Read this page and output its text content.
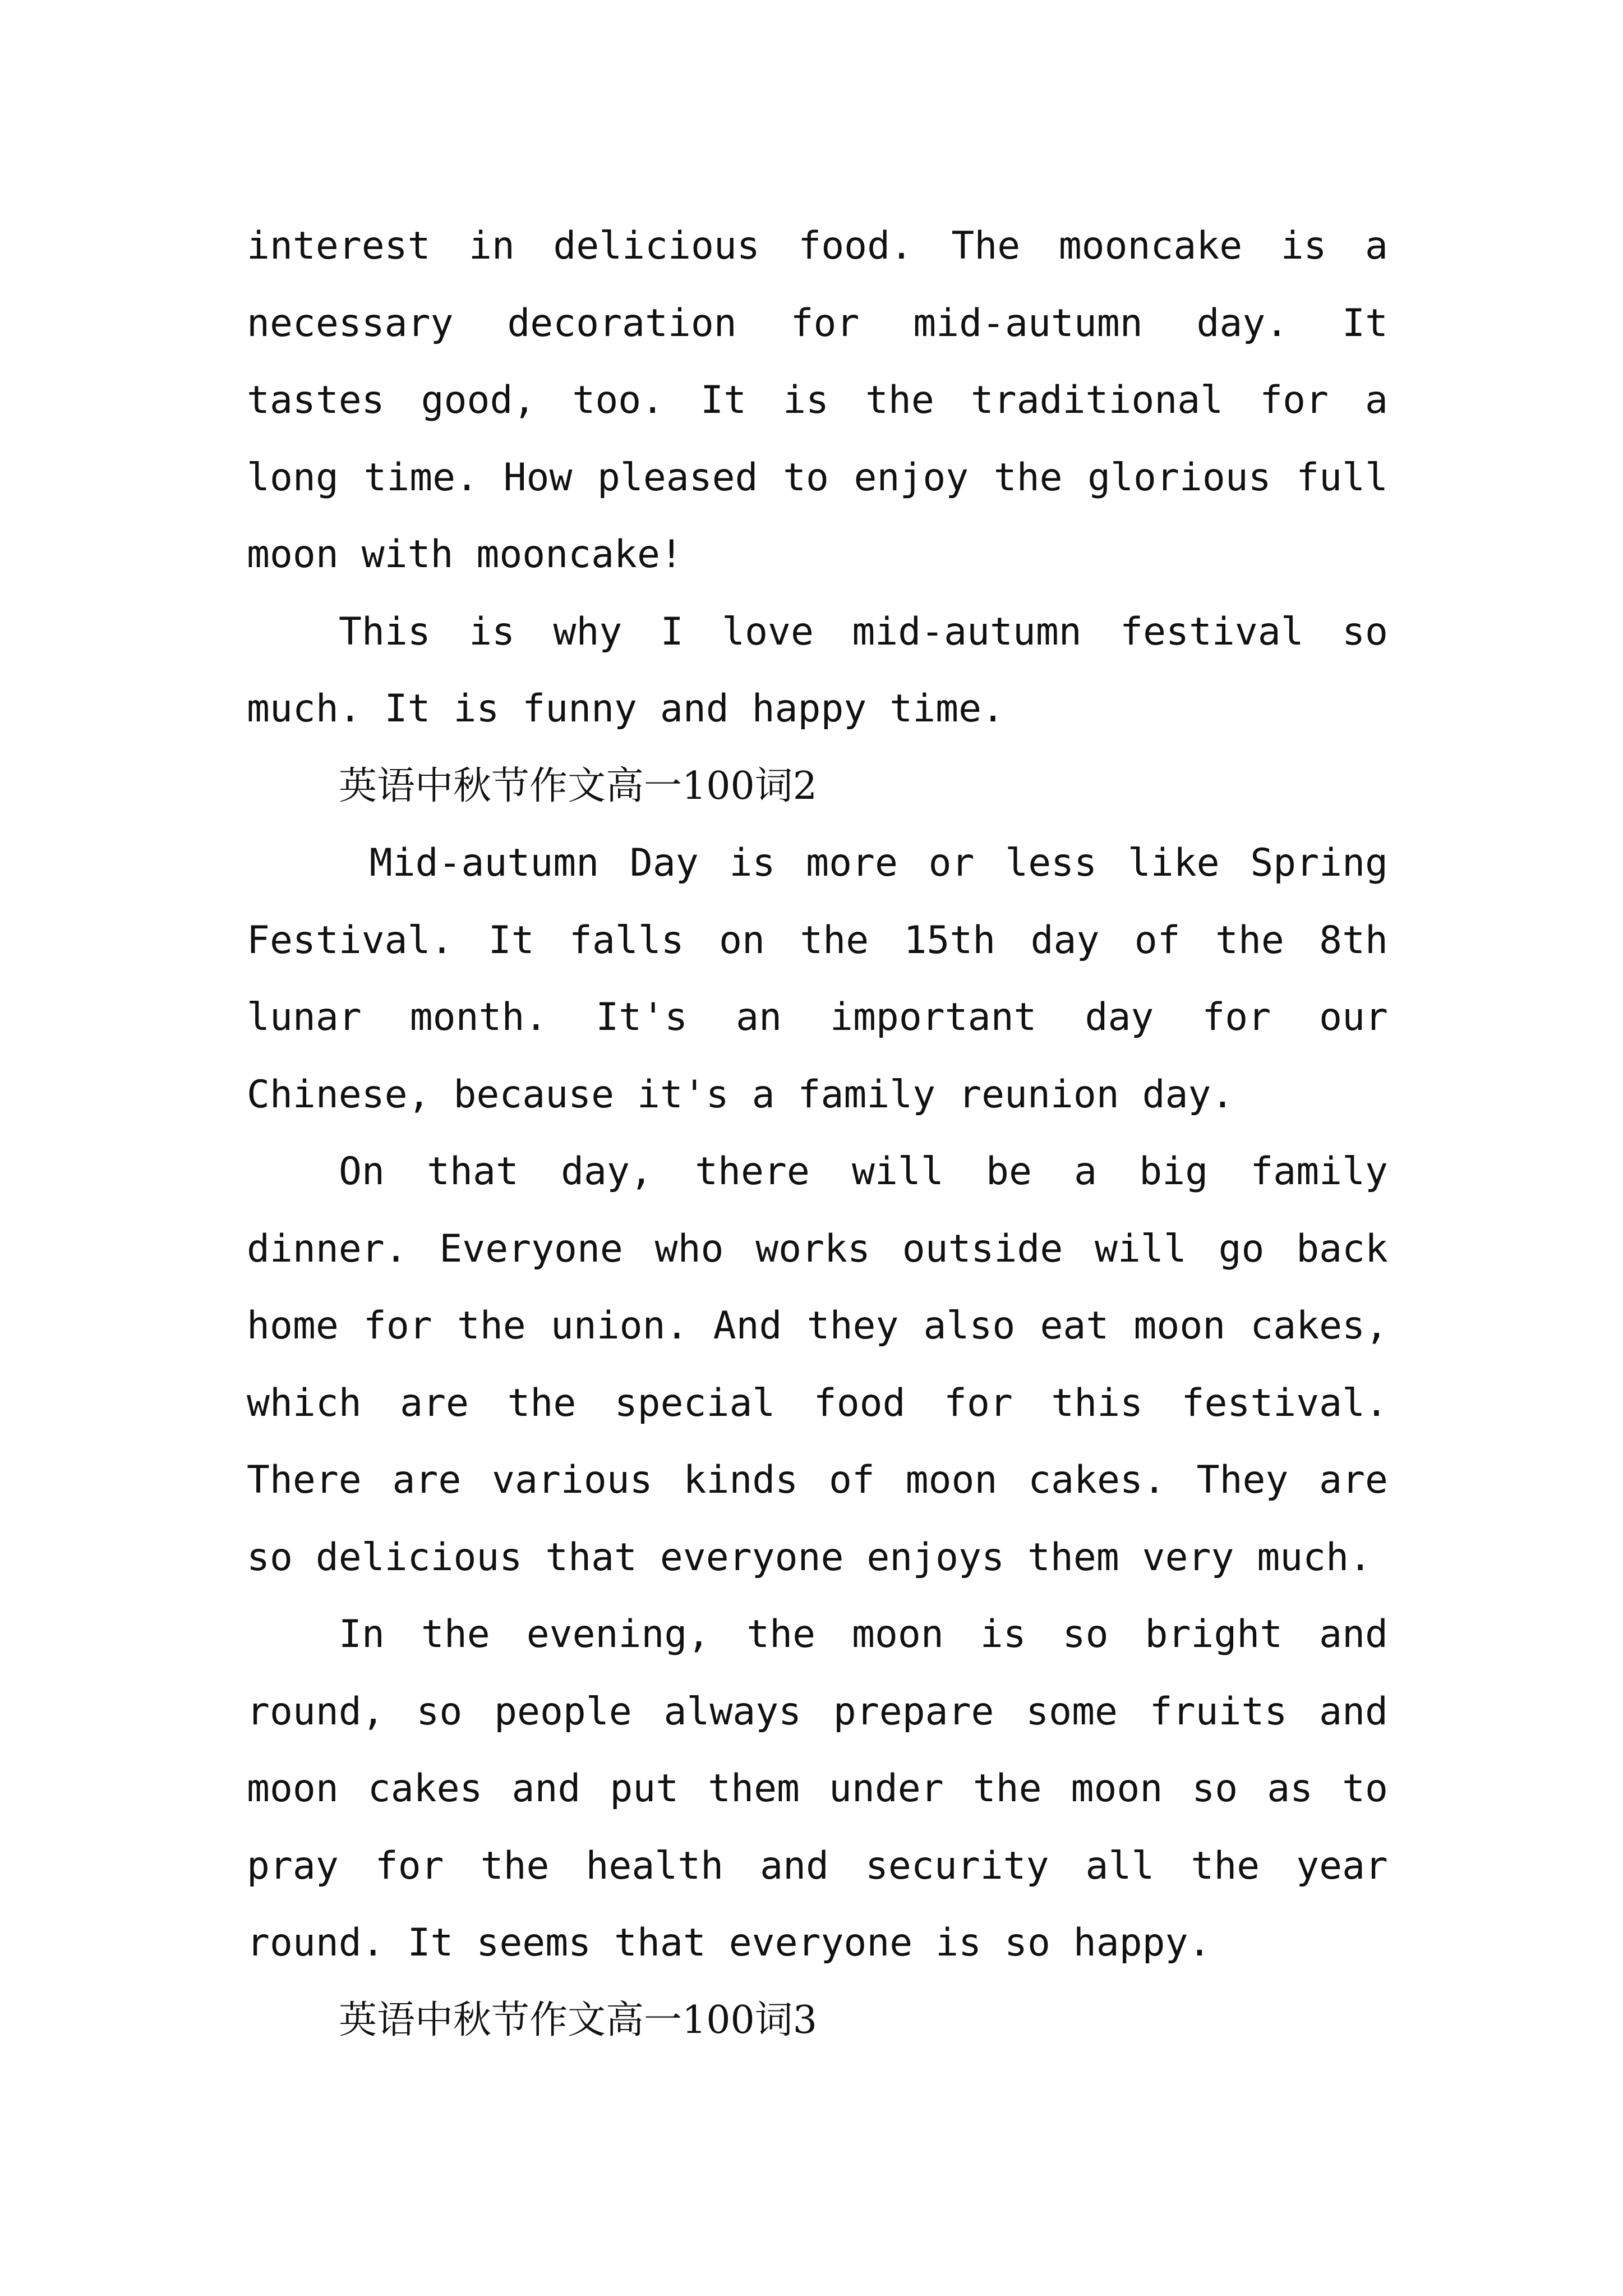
interest in delicious food. The mooncake is a necessary decoration for mid-autumn day. It tastes good, too. It is the traditional for a long time. How pleased to enjoy the glorious full moon with mooncake!

This is why I love mid-autumn festival so much. It is funny and happy time.

英语中秋节作文高一100词2

Mid-autumn Day is more or less like Spring Festival. It falls on the 15th day of the 8th lunar month. It's an important day for our Chinese, because it's a family reunion day.

On that day, there will be a big family dinner. Everyone who works outside will go back home for the union. And they also eat moon cakes, which are the special food for this festival. There are various kinds of moon cakes. They are so delicious that everyone enjoys them very much.

In the evening, the moon is so bright and round, so people always prepare some fruits and moon cakes and put them under the moon so as to pray for the health and security all the year round. It seems that everyone is so happy.

英语中秋节作文高一100词3
